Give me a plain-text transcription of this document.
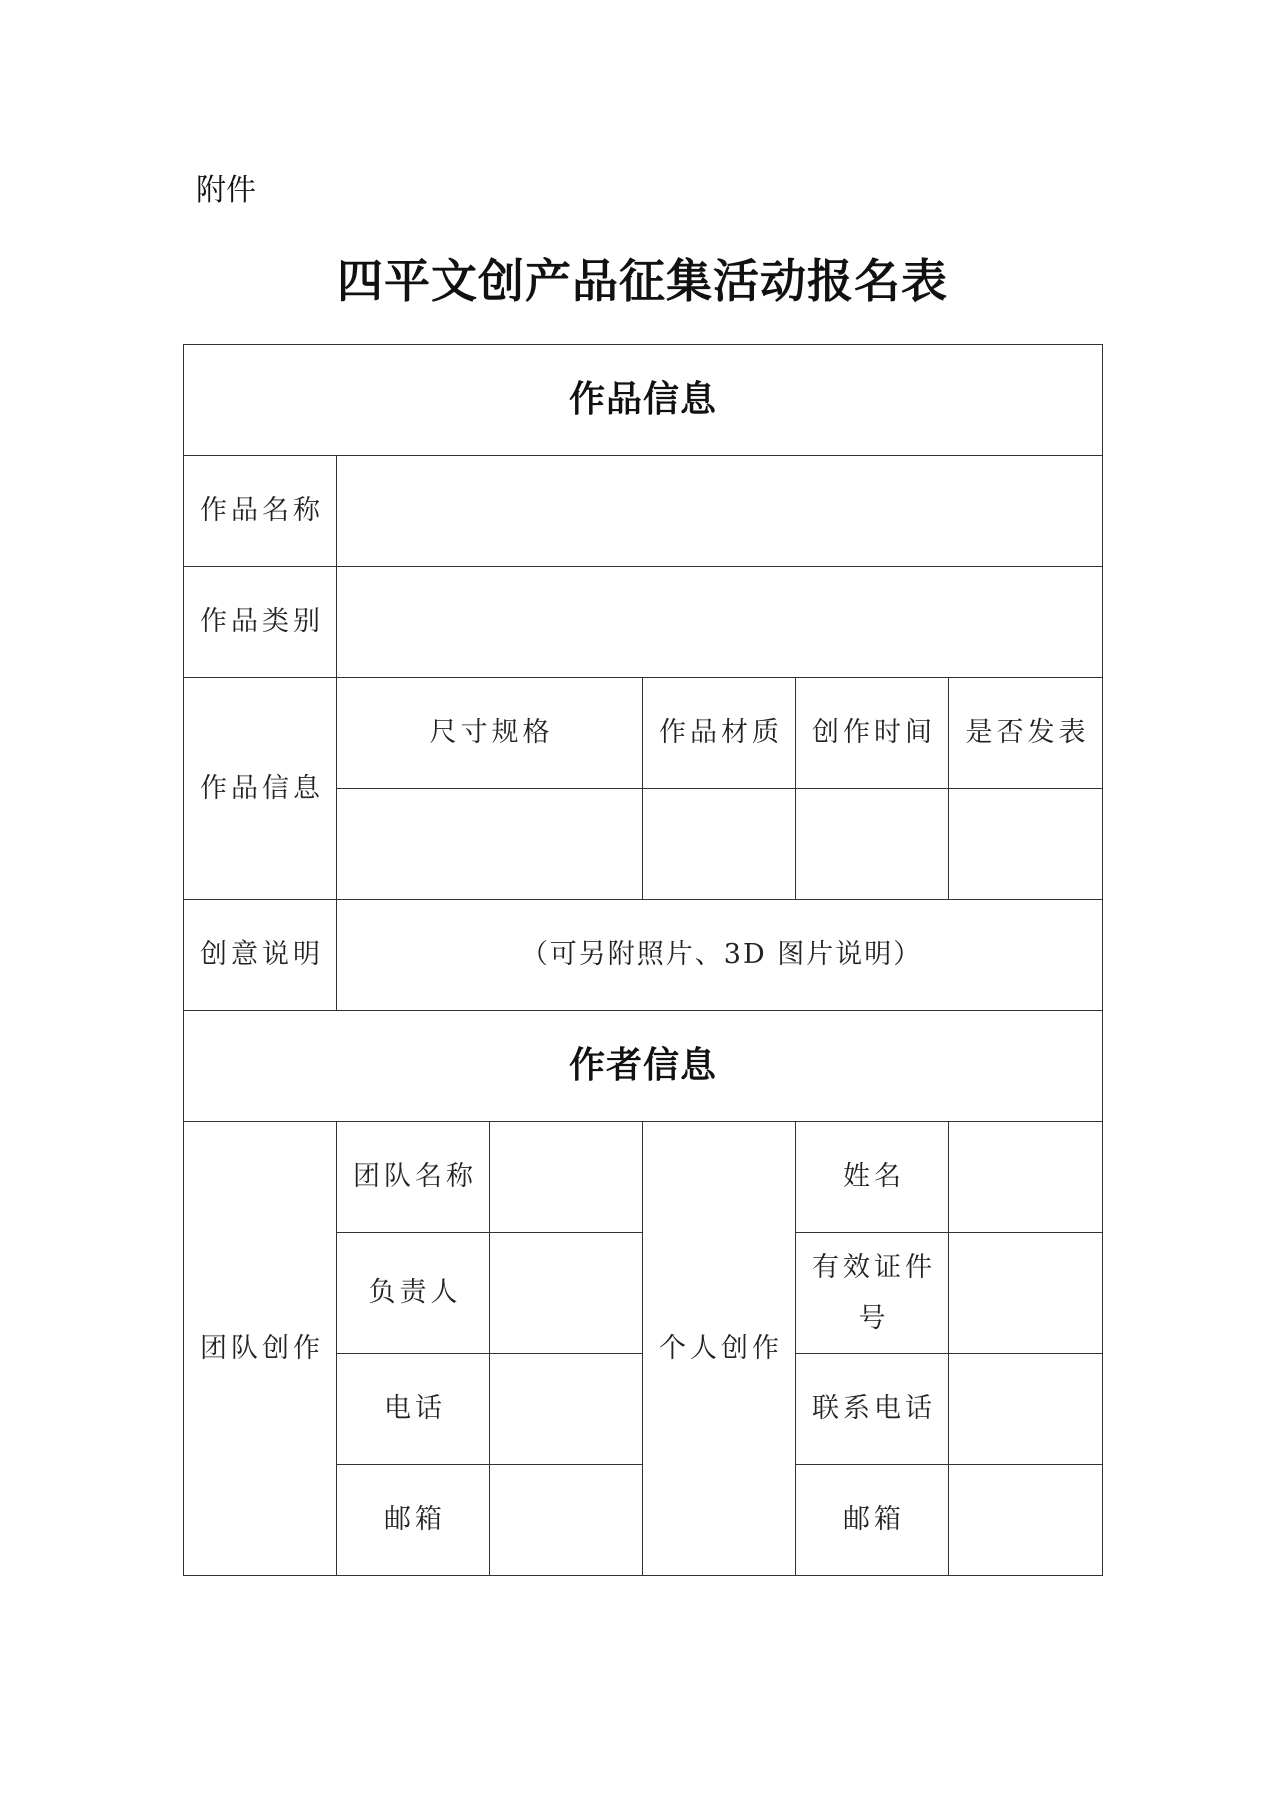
附件
四平文创产品征集活动报名表
作品信息					
作品名称					
作品类别					
作品信息	尺寸规格		作品材质	创作时间	是否发表

创意说明	（可另附照片、3D 图片说明）				
作者信息					
团队创作	团队名称		个人创作	姓名	
	负责人			有效证件号	
	电话			联系电话	
	邮箱			邮箱	
